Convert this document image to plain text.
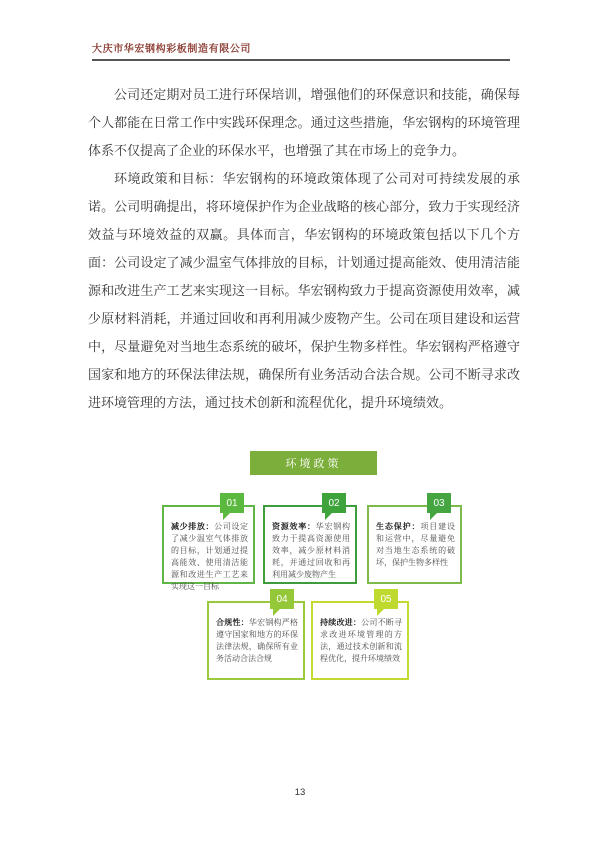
大庆市华宏钢构彩板制造有限公司

公司还定期对员工进行环保培训，增强他们的环保意识和技能，确保每个人都能在日常工作中实践环保理念。通过这些措施，华宏钢构的环境管理体系不仅提高了企业的环保水平，也增强了其在市场上的竞争力。

环境政策和目标：华宏钢构的环境政策体现了公司对可持续发展的承诺。公司明确提出，将环境保护作为企业战略的核心部分，致力于实现经济效益与环境效益的双赢。具体而言，华宏钢构的环境政策包括以下几个方面：公司设定了减少温室气体排放的目标，计划通过提高能效、使用清洁能源和改进生产工艺来实现这一目标。华宏钢构致力于提高资源使用效率，减少原材料消耗，并通过回收和再利用减少废物产生。公司在项目建设和运营中，尽量避免对当地生态系统的破坏，保护生物多样性。华宏钢构严格遵守国家和地方的环保法律法规，确保所有业务活动合法合规。公司不断寻求改进环境管理的方法，通过技术创新和流程优化，提升环境绩效。

环境政策
01
减少排放：公司设定了减少温室气体排放的目标，计划通过提高能效、使用清洁能源和改进生产工艺来实现这一目标
02
资源效率：华宏钢构致力于提高资源使用效率，减少原材料消耗，并通过回收和再利用减少废物产生
03
生态保护：项目建设和运营中，尽量避免对当地生态系统的破坏，保护生物多样性
04
合规性：华宏钢构严格遵守国家和地方的环保法律法规，确保所有业务活动合法合规
05
持续改进：公司不断寻求改进环境管理的方法，通过技术创新和流程优化，提升环境绩效
13
